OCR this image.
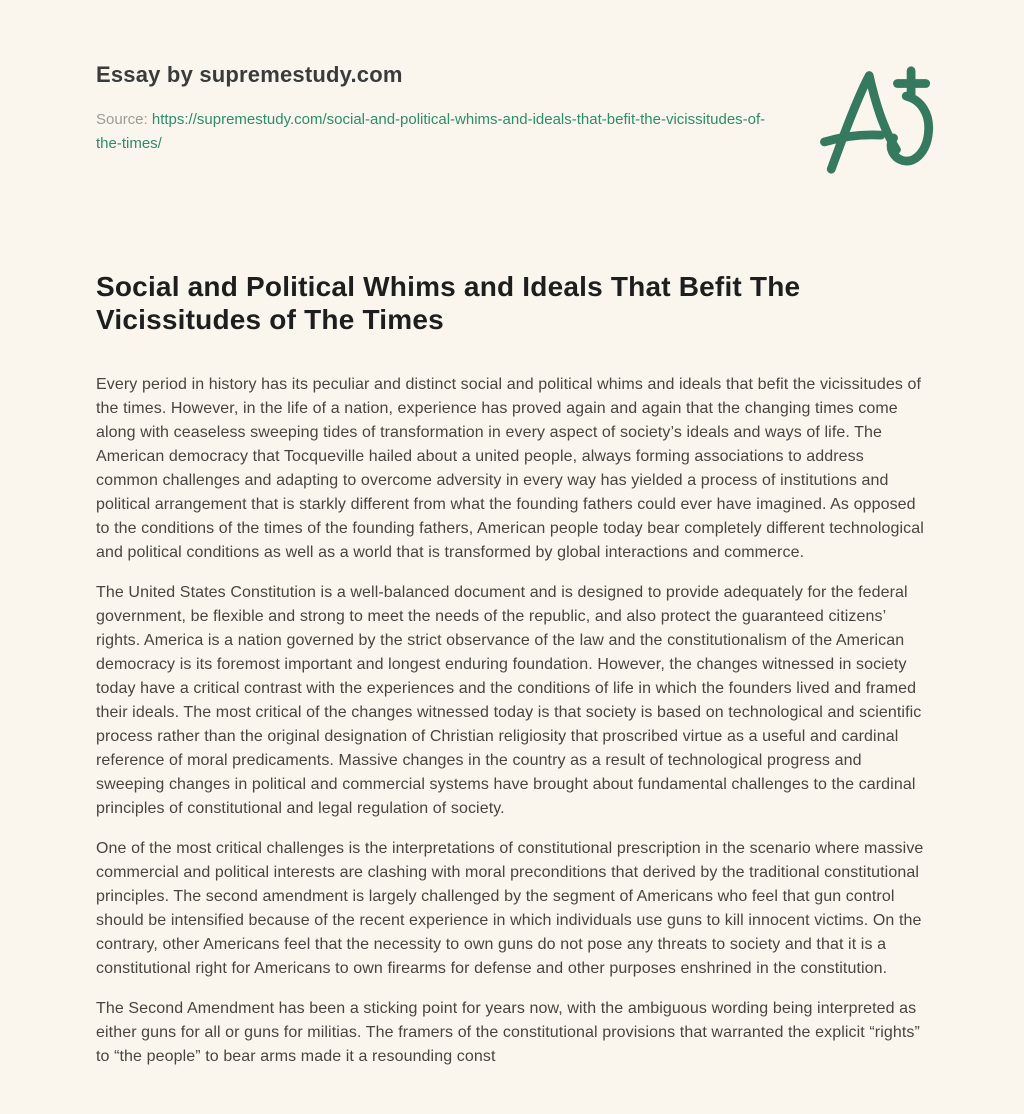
Essay by supremestudy.com

Source: https://supremestudy.com/social-and-political-whims-and-ideals-that-befit-the-vicissitudes-of-the-times/

Social and Political Whims and Ideals That Befit The Vicissitudes of The Times

Every period in history has its peculiar and distinct social and political whims and ideals that befit the vicissitudes of the times. However, in the life of a nation, experience has proved again and again that the changing times come along with ceaseless sweeping tides of transformation in every aspect of society’s ideals and ways of life. The American democracy that Tocqueville hailed about a united people, always forming associations to address common challenges and adapting to overcome adversity in every way has yielded a process of institutions and political arrangement that is starkly different from what the founding fathers could ever have imagined. As opposed to the conditions of the times of the founding fathers, American people today bear completely different technological and political conditions as well as a world that is transformed by global interactions and commerce.

The United States Constitution is a well-balanced document and is designed to provide adequately for the federal government, be flexible and strong to meet the needs of the republic, and also protect the guaranteed citizens’ rights. America is a nation governed by the strict observance of the law and the constitutionalism of the American democracy is its foremost important and longest enduring foundation. However, the changes witnessed in society today have a critical contrast with the experiences and the conditions of life in which the founders lived and framed their ideals. The most critical of the changes witnessed today is that society is based on technological and scientific process rather than the original designation of Christian religiosity that proscribed virtue as a useful and cardinal reference of moral predicaments. Massive changes in the country as a result of technological progress and sweeping changes in political and commercial systems have brought about fundamental challenges to the cardinal principles of constitutional and legal regulation of society.

One of the most critical challenges is the interpretations of constitutional prescription in the scenario where massive commercial and political interests are clashing with moral preconditions that derived by the traditional constitutional principles. The second amendment is largely challenged by the segment of Americans who feel that gun control should be intensified because of the recent experience in which individuals use guns to kill innocent victims. On the contrary, other Americans feel that the necessity to own guns do not pose any threats to society and that it is a constitutional right for Americans to own firearms for defense and other purposes enshrined in the constitution.

The Second Amendment has been a sticking point for years now, with the ambiguous wording being interpreted as either guns for all or guns for militias. The framers of the constitutional provisions that warranted the explicit “rights” to “the people” to bear arms made it a resounding const
